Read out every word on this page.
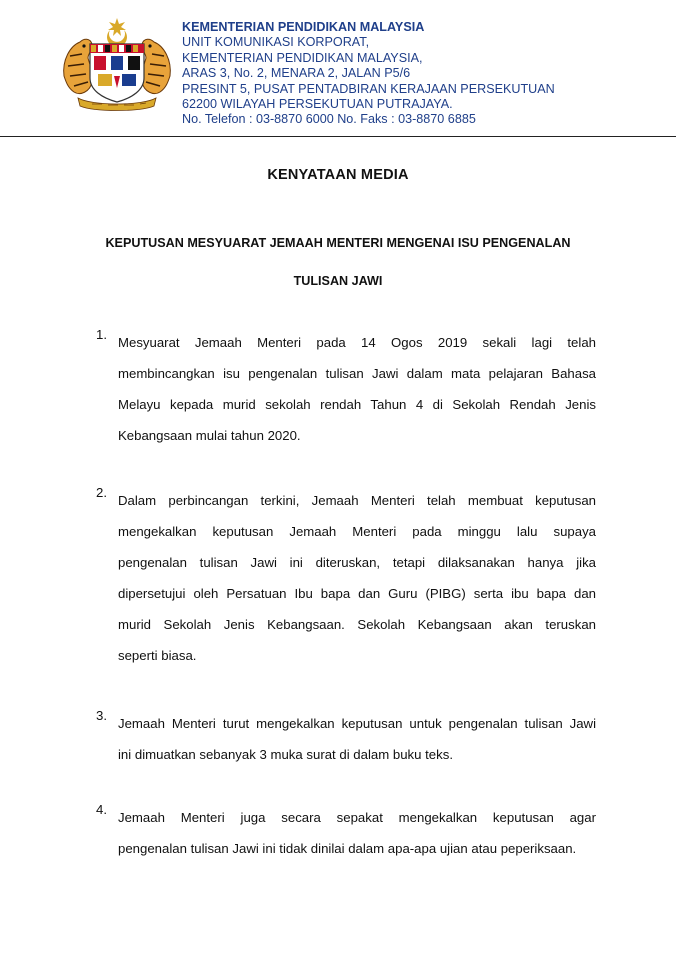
KEMENTERIAN PENDIDIKAN MALAYSIA
UNIT KOMUNIKASI KORPORAT,
KEMENTERIAN PENDIDIKAN MALAYSIA,
ARAS 3, No. 2, MENARA 2, JALAN P5/6
PRESINT 5, PUSAT PENTADBIRAN KERAJAAN PERSEKUTUAN
62200 WILAYAH PERSEKUTUAN PUTRAJAYA.
No. Telefon : 03-8870 6000 No. Faks : 03-8870 6885
KENYATAAN MEDIA
KEPUTUSAN MESYUARAT JEMAAH MENTERI MENGENAI ISU PENGENALAN
TULISAN JAWI
1.
Mesyuarat Jemaah Menteri pada 14 Ogos 2019 sekali lagi telah
membincangkan isu pengenalan tulisan Jawi dalam mata pelajaran Bahasa
Melayu kepada murid sekolah rendah Tahun 4 di Sekolah Rendah Jenis
Kebangsaan mulai tahun 2020.
2.
Dalam perbincangan terkini, Jemaah Menteri telah membuat keputusan
mengekalkan keputusan Jemaah Menteri pada minggu lalu supaya
pengenalan tulisan Jawi ini diteruskan, tetapi dilaksanakan hanya jika
dipersetujui oleh Persatuan Ibu bapa dan Guru (PIBG) serta ibu bapa dan
murid Sekolah Jenis Kebangsaan. Sekolah Kebangsaan akan teruskan
seperti biasa.
3.
Jemaah Menteri turut mengekalkan keputusan untuk pengenalan tulisan Jawi
ini dimuatkan sebanyak 3 muka surat di dalam buku teks.
4.
Jemaah Menteri juga secara sepakat mengekalkan keputusan agar
pengenalan tulisan Jawi ini tidak dinilai dalam apa-apa ujian atau peperiksaan.
